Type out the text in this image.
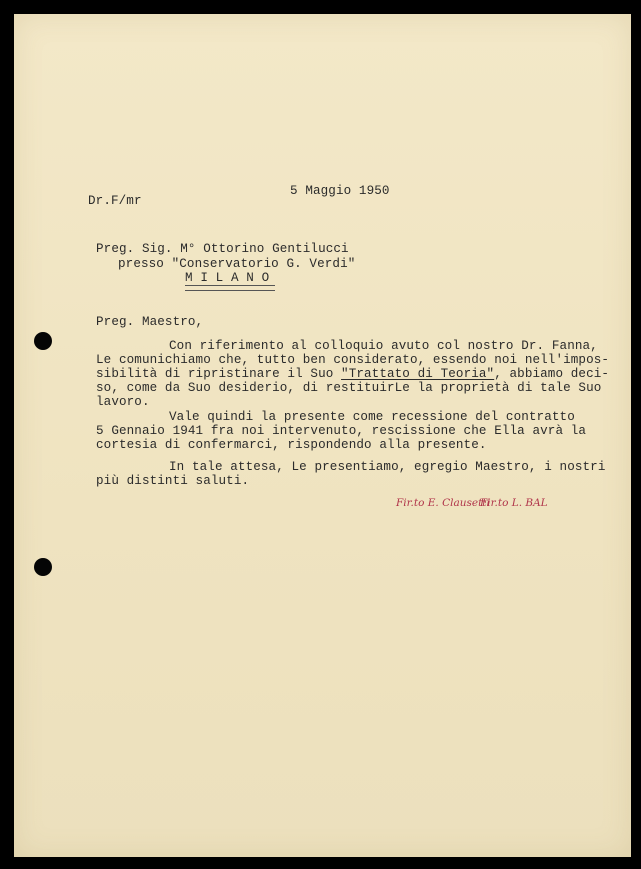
5 Maggio 1950
Dr.F/mr
Preg. Sig. M° Ottorino Gentilucci
presso "Conservatorio G. Verdi"
M I L A N O
Preg. Maestro,
Con riferimento al colloquio avuto col nostro Dr. Fanna,
Le comunichiamo che, tutto ben considerato, essendo noi nell'impos-
sibilità di ripristinare il Suo "Trattato di Teoria", abbiamo deci-
so, come da Suo desiderio, di restituirLe la proprietà di tale Suo
lavoro.
Vale quindi la presente come recessione del contratto
5 Gennaio 1941 fra noi intervenuto, rescissione che Ella avrà la
cortesia di confermarci, rispondendo alla presente.
In tale attesa, Le presentiamo, egregio Maestro, i nostri
più distinti saluti.
Fir.to E. Clausetti
Fir.to L. BAL
